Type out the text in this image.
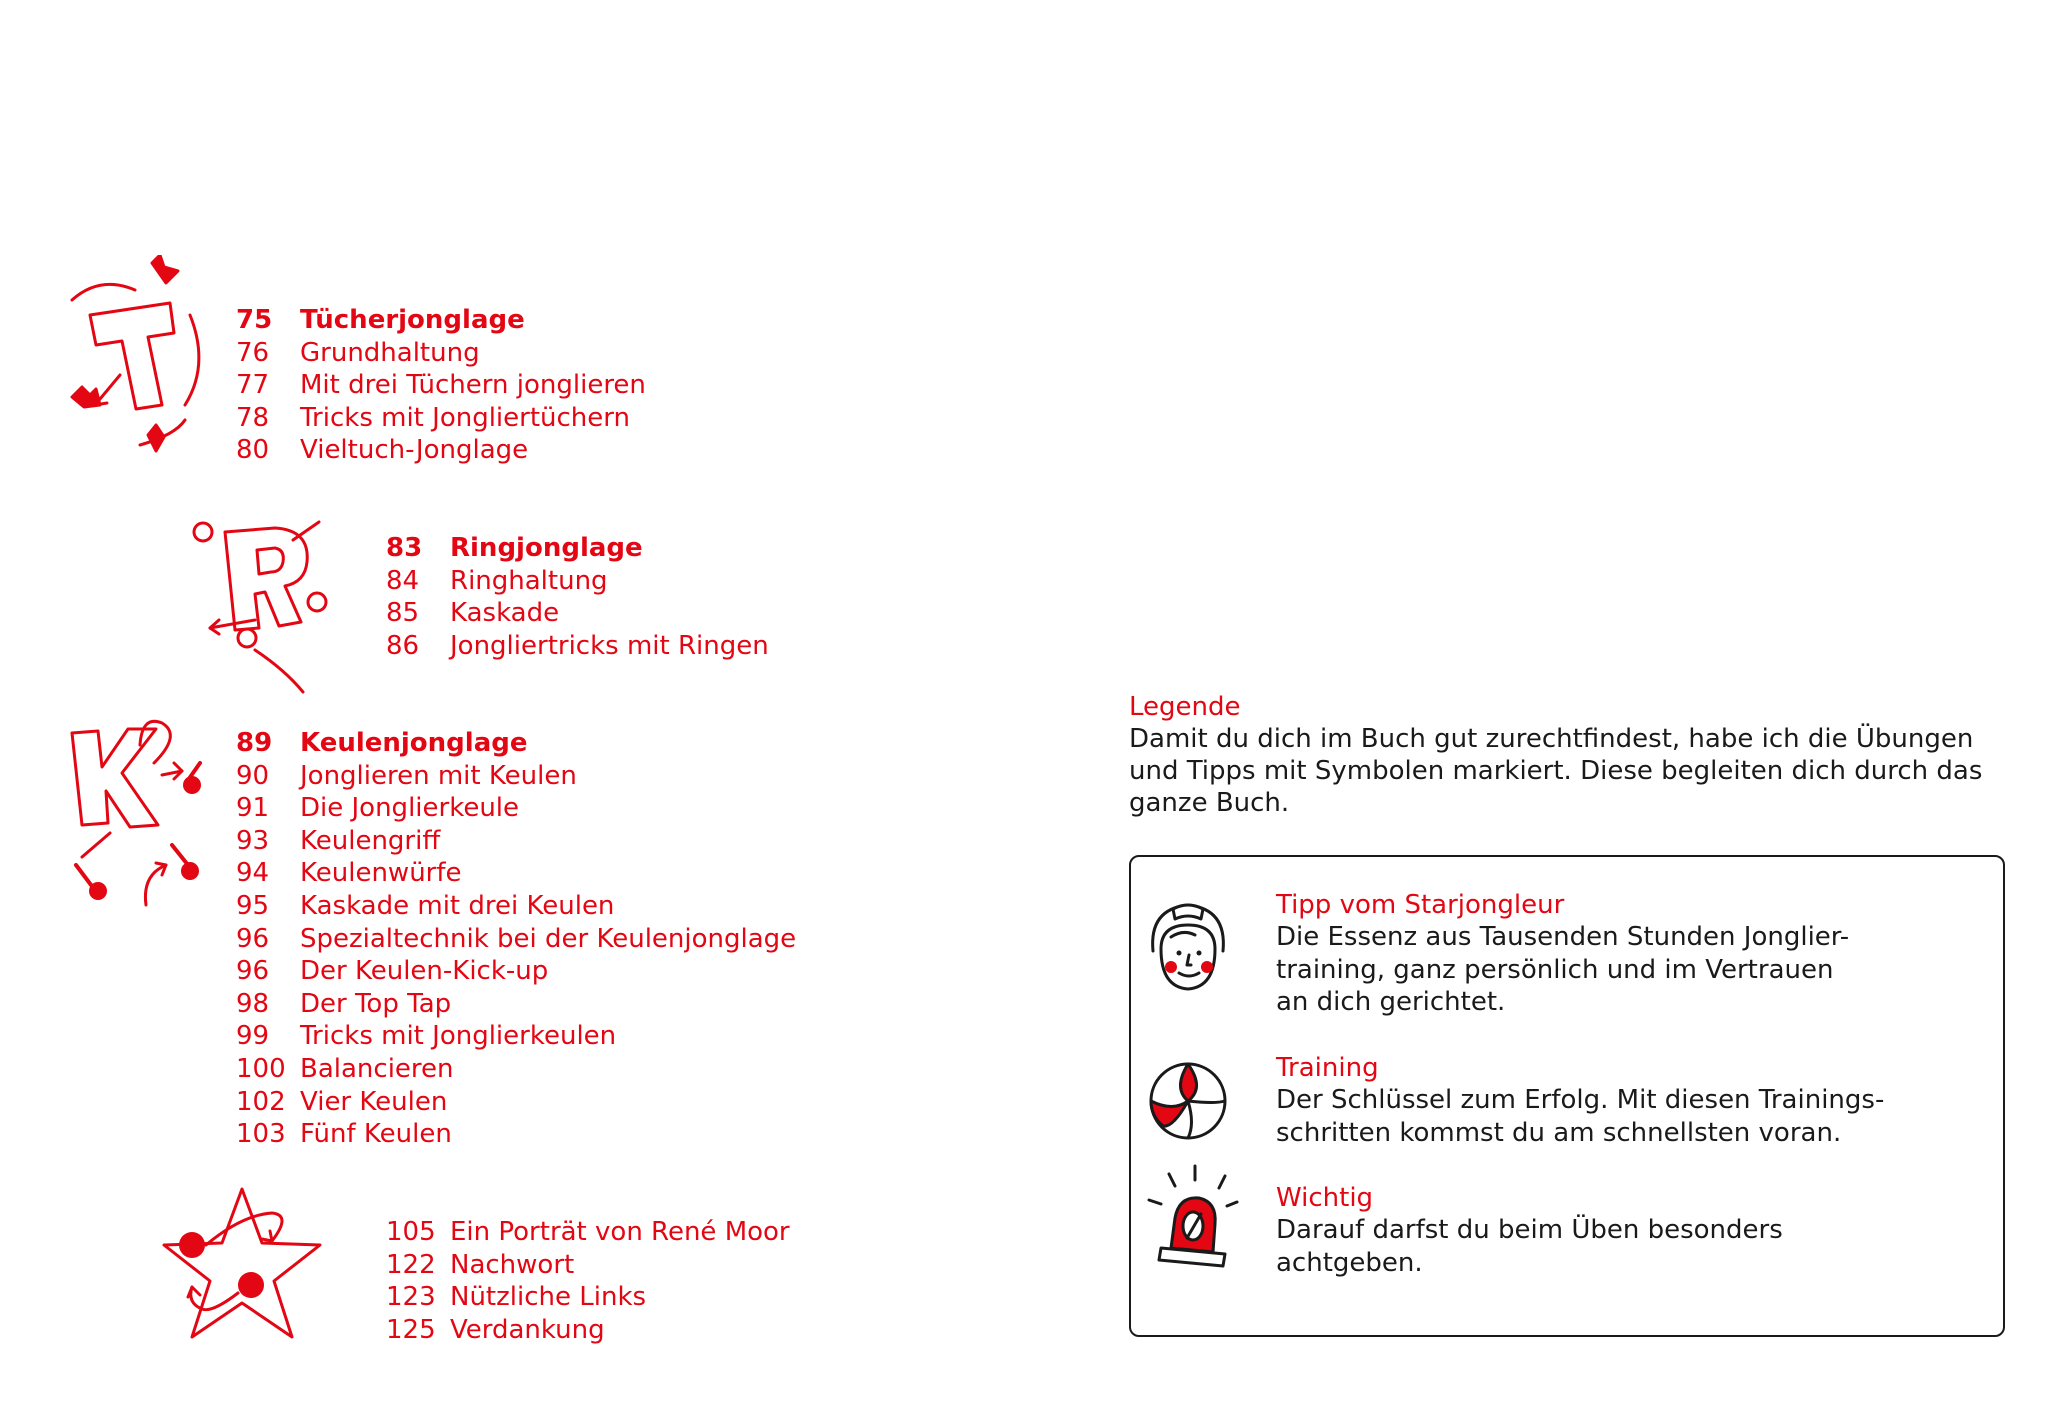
75	Tücherjonglage
76	Grundhaltung
77	Mit drei Tüchern jonglieren
78	Tricks mit Jongliertüchern
80	Vieltuch-Jonglage
83	Ringjonglage
84	Ringhaltung
85	Kaskade
86	Jongliertricks mit Ringen
89	Keulenjonglage
90	Jonglieren mit Keulen
91	Die Jonglierkeule
93	Keulengriff
94	Keulenwürfe
95	Kaskade mit drei Keulen
96	Spezialtechnik bei der Keulenjonglage
96	Der Keulen-Kick-up
98	Der Top Tap
99	Tricks mit Jonglierkeulen
100 Balancieren
102 Vier Keulen
103 Fünf Keulen
105 Ein Porträt von René Moor
122 Nachwort
123 Nützliche Links
125 Verdankung
Legende
Damit du dich im Buch gut zurechtfindest, habe ich die Übungen und Tipps mit Symbolen markiert. Diese begleiten dich durch das ganze Buch.
Tipp vom Starjongleur
Die Essenz aus Tausenden Stunden Jonglier-
training, ganz persönlich und im Vertrauen
an dich gerichtet.
Training
Der Schlüssel zum Erfolg. Mit diesen Trainings-
schritten kommst du am schnellsten voran.
Wichtig
Darauf darfst du beim Üben besonders
achtgeben.
